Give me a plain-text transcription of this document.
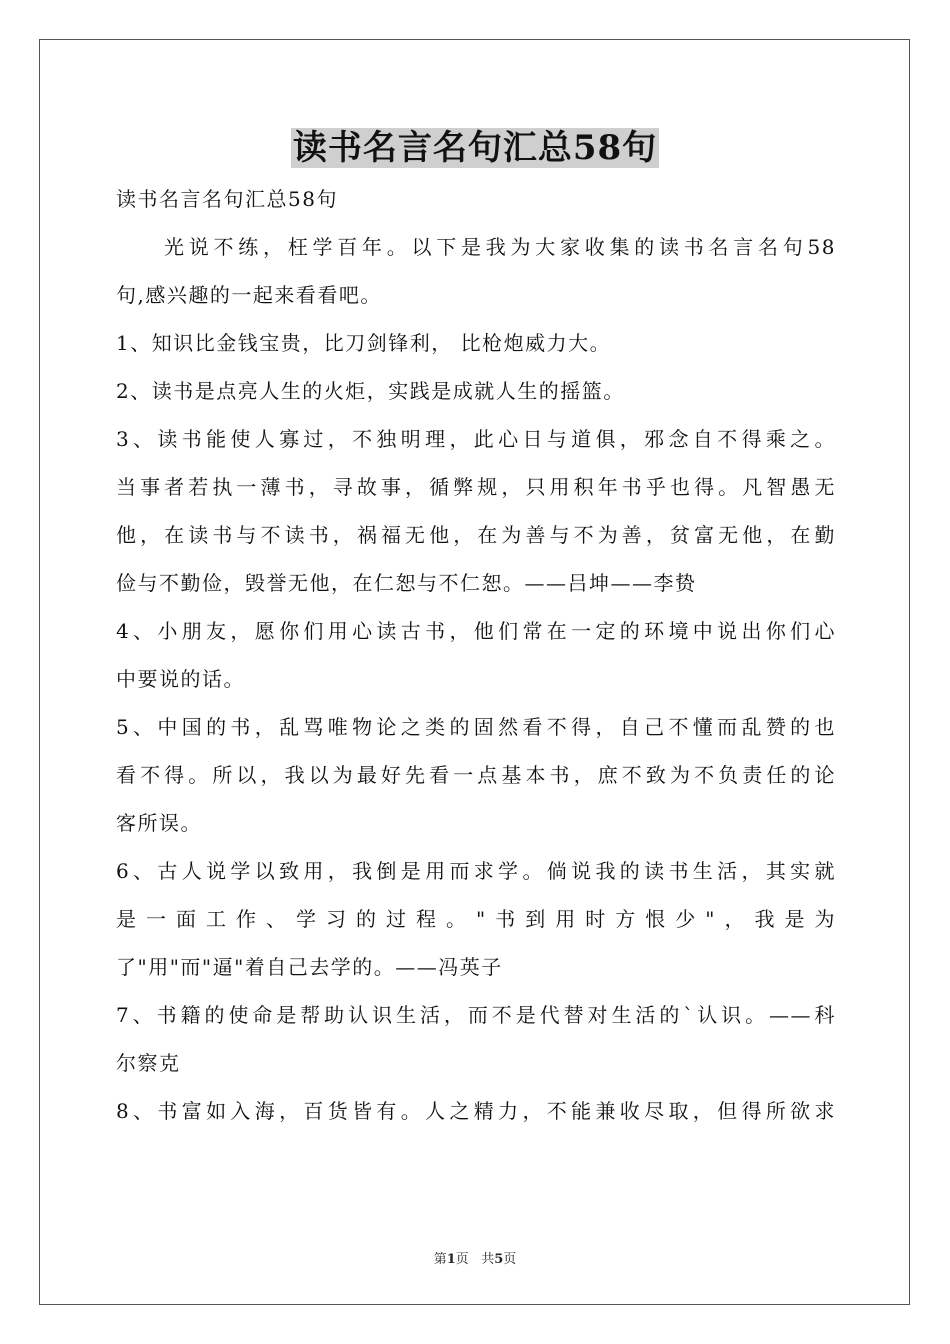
读书名言名句汇总58句
读书名言名句汇总58句
光说不练，枉学百年。以下是我为大家收集的读书名言名句58
句,感兴趣的一起来看看吧。
1、知识比金钱宝贵，比刀剑锋利， 比枪炮威力大。
2、读书是点亮人生的火炬，实践是成就人生的摇篮。
3、读书能使人寡过，不独明理，此心日与道俱，邪念自不得乘之。
当事者若执一薄书，寻故事，循弊规，只用积年书乎也得。凡智愚无
他，在读书与不读书，祸福无他，在为善与不为善，贫富无他，在勤
俭与不勤俭，毁誉无他，在仁恕与不仁恕。——吕坤——李贽
4、小朋友，愿你们用心读古书，他们常在一定的环境中说出你们心
中要说的话。
5、中国的书，乱骂唯物论之类的固然看不得，自己不懂而乱赞的也
看不得。所以，我以为最好先看一点基本书，庶不致为不负责任的论
客所误。
6、古人说学以致用，我倒是用而求学。倘说我的读书生活，其实就
是一面工作、学习的过程。"书到用时方恨少"，我是为
了"用"而"逼"着自己去学的。——冯英子
7、书籍的使命是帮助认识生活，而不是代替对生活的`认识。——科
尔察克
8、书富如入海，百货皆有。人之精力，不能兼收尽取，但得所欲求
第1页   共5页
